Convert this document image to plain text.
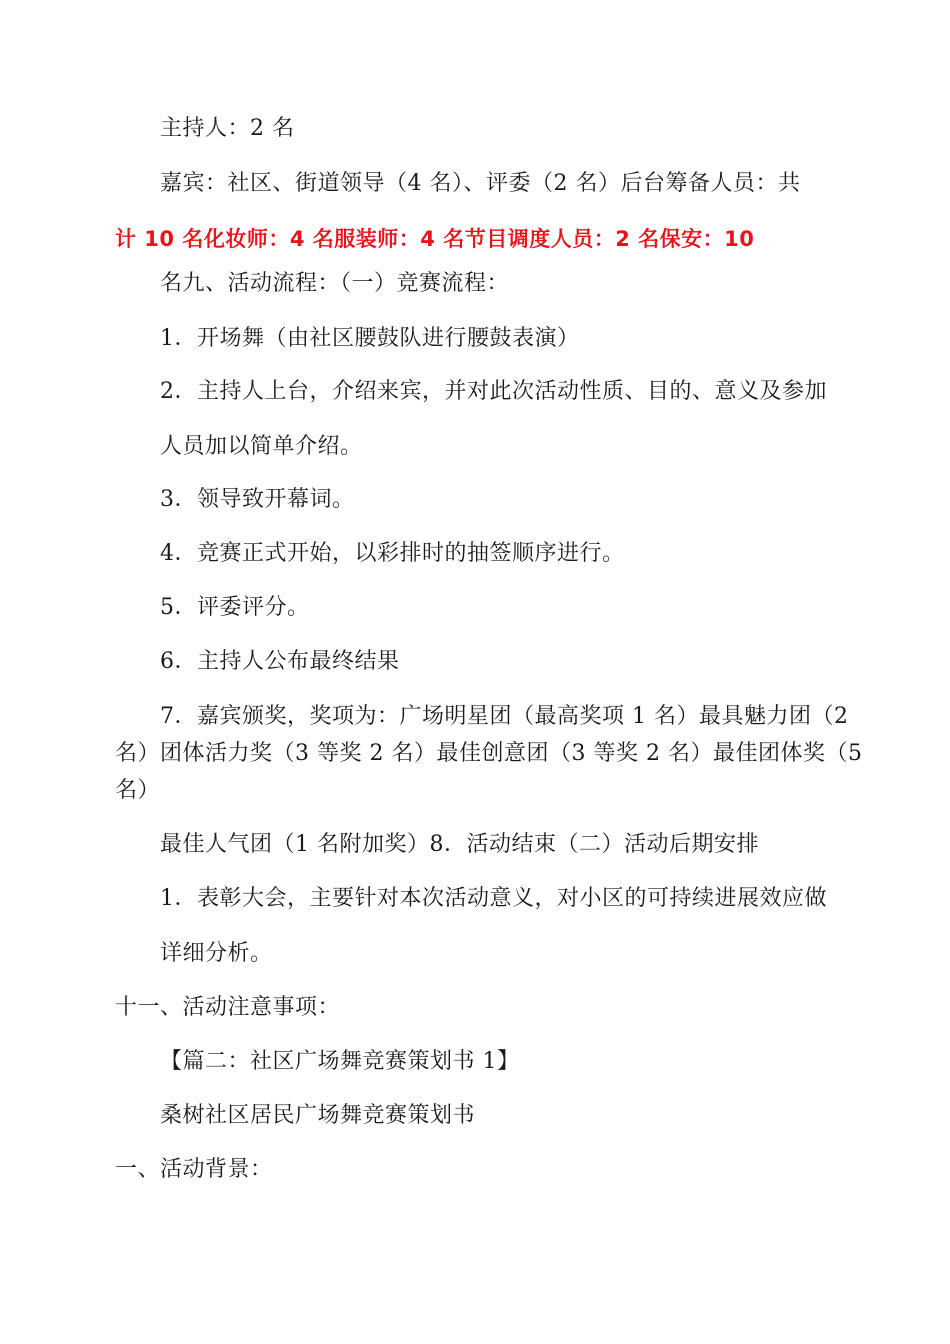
主持人：2 名
嘉宾：社区、街道领导（4 名）、评委（2 名）后台筹备人员：共
计 10 名化妆师：4 名服装师：4 名节目调度人员：2 名保安：10
名九、活动流程：（一）竞赛流程：
1．开场舞（由社区腰鼓队进行腰鼓表演）
2．主持人上台，介绍来宾，并对此次活动性质、目的、意义及参加
人员加以简单介绍。
3．领导致开幕词。
4．竞赛正式开始，以彩排时的抽签顺序进行。
5．评委评分。
6．主持人公布最终结果
7．嘉宾颁奖，奖项为：广场明星团（最高奖项 1 名）最具魅力团（2
名）团体活力奖（3 等奖 2 名）最佳创意团（3 等奖 2 名）最佳团体奖（5
名）
最佳人气团（1 名附加奖）8．活动结束（二）活动后期安排
1．表彰大会，主要针对本次活动意义，对小区的可持续进展效应做
详细分析。
十一、活动注意事项：
【篇二：社区广场舞竞赛策划书 1】
桑树社区居民广场舞竞赛策划书
一、活动背景：
